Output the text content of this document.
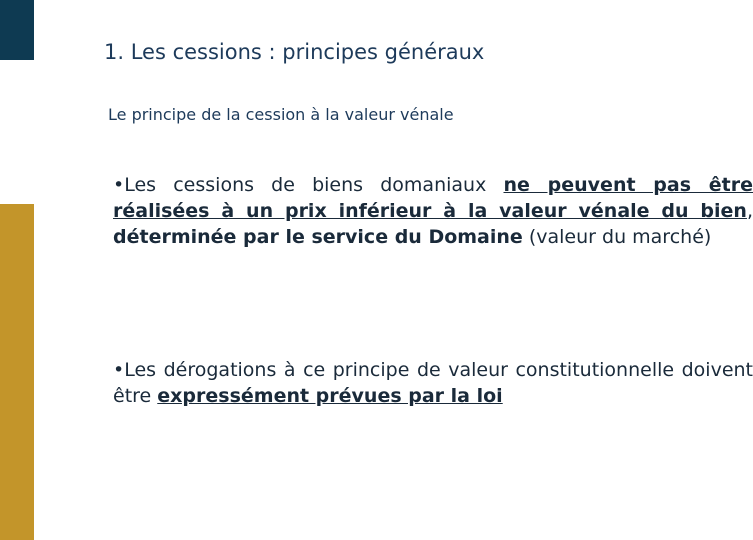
1. Les cessions : principes généraux
Le principe de la cession à la valeur vénale
•Les cessions de biens domaniaux ne peuvent pas être réalisées à un prix inférieur à la valeur vénale du bien, déterminée par le service du Domaine (valeur du marché)
•Les dérogations à ce principe de valeur constitutionnelle doivent être expressément prévues par la loi
